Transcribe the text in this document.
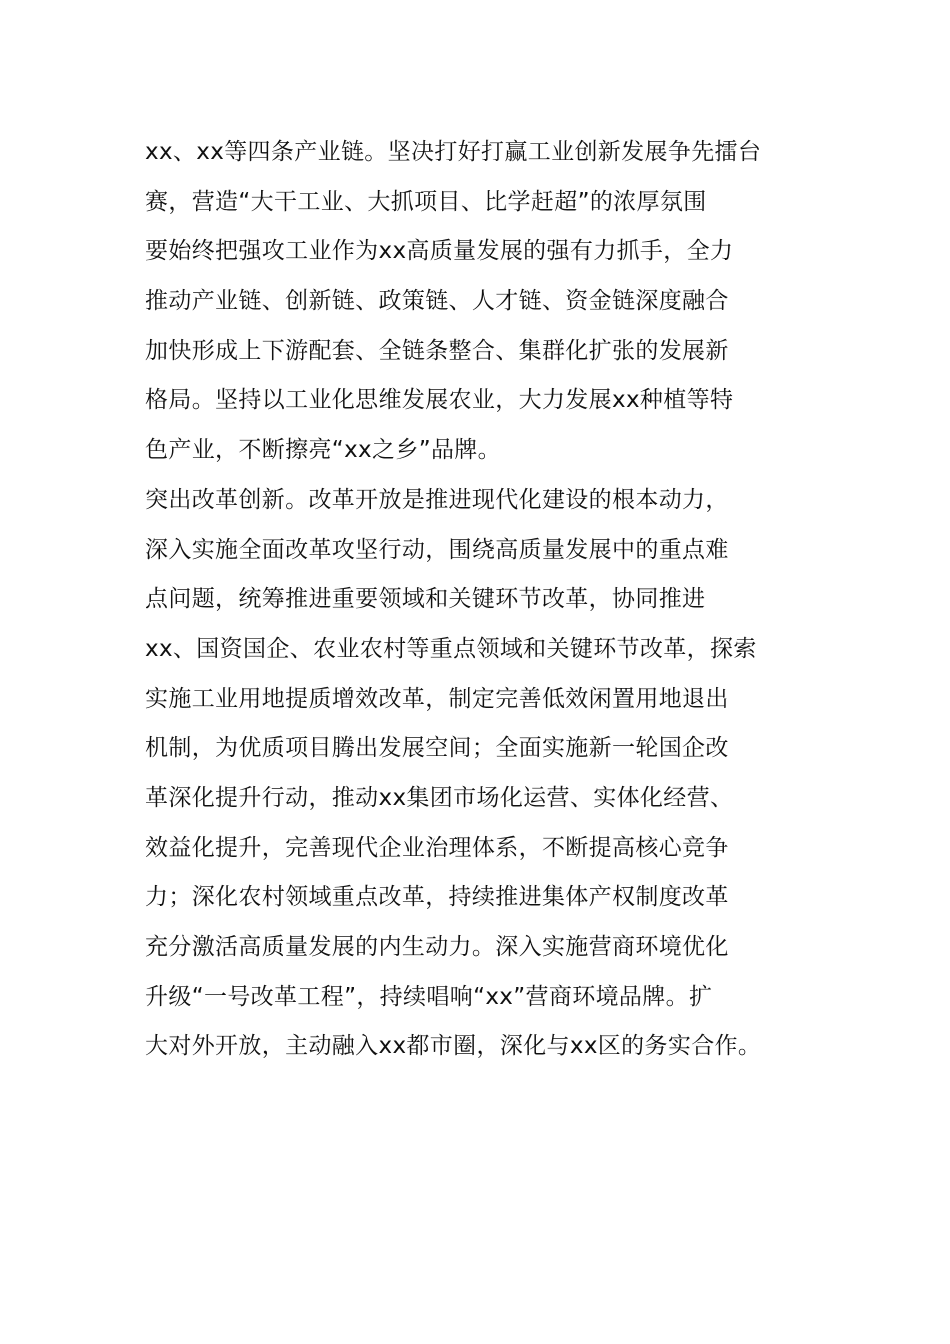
xx、xx等四条产业链。坚决打好打赢工业创新发展争先擂台
赛，营造“大干工业、大抓项目、比学赶超”的浓厚氛围
要始终把强攻工业作为xx高质量发展的强有力抓手，全力
推动产业链、创新链、政策链、人才链、资金链深度融合
加快形成上下游配套、全链条整合、集群化扩张的发展新
格局。坚持以工业化思维发展农业，大力发展xx种植等特
色产业，不断擦亮“xx之乡”品牌。
突出改革创新。改革开放是推进现代化建设的根本动力，
深入实施全面改革攻坚行动，围绕高质量发展中的重点难
点问题，统筹推进重要领域和关键环节改革，协同推进
xx、国资国企、农业农村等重点领域和关键环节改革，探索
实施工业用地提质增效改革，制定完善低效闲置用地退出
机制，为优质项目腾出发展空间；全面实施新一轮国企改
革深化提升行动，推动xx集团市场化运营、实体化经营、
效益化提升，完善现代企业治理体系，不断提高核心竞争
力；深化农村领域重点改革，持续推进集体产权制度改革
充分激活高质量发展的内生动力。深入实施营商环境优化
升级“一号改革工程”，持续唱响“xx”营商环境品牌。扩
大对外开放，主动融入xx都市圈，深化与xx区的务实合作。
